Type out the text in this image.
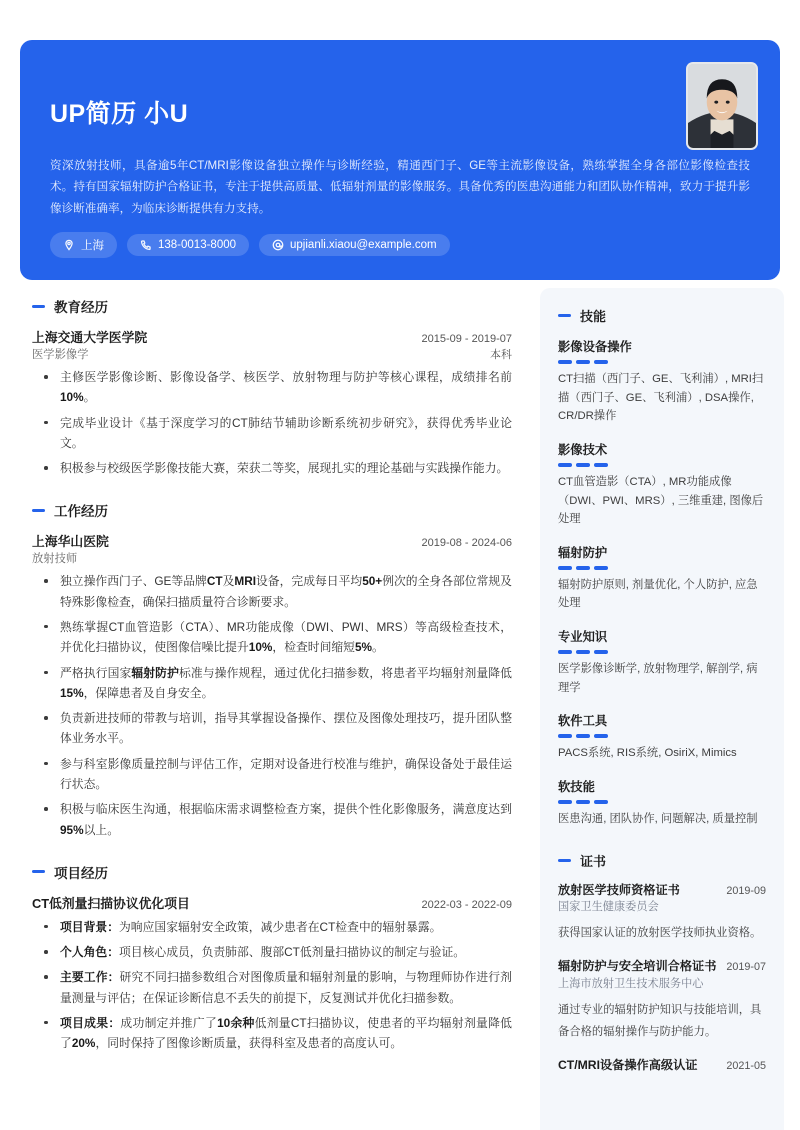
UP简历 小U
资深放射技师，具备逾5年CT/MRI影像设备独立操作与诊断经验，精通西门子、GE等主流影像设备，熟练掌握全身各部位影像检查技术。持有国家辐射防护合格证书，专注于提供高质量、低辐射剂量的影像服务。具备优秀的医患沟通能力和团队协作精神，致力于提升影像诊断准确率，为临床诊断提供有力支持。
上海	138-0013-8000	upjianli.xiaou@example.com
教育经历
上海交通大学医学院	2015-09 - 2019-07
医学影像学	本科
主修医学影像诊断、影像设备学、核医学、放射物理与防护等核心课程，成绩排名前10%。
完成毕业设计《基于深度学习的CT肺结节辅助诊断系统初步研究》，获得优秀毕业论文。
积极参与校级医学影像技能大赛，荣获二等奖，展现扎实的理论基础与实践操作能力。
工作经历
上海华山医院	2019-08 - 2024-06
放射技师
独立操作西门子、GE等品牌CT及MRI设备，完成每日平均50+例次的全身各部位常规及特殊影像检查，确保扫描质量符合诊断要求。
熟练掌握CT血管造影（CTA）、MR功能成像（DWI、PWI、MRS）等高级检查技术，并优化扫描协议，使图像信噪比提升10%，检查时间缩短5%。
严格执行国家辐射防护标准与操作规程，通过优化扫描参数，将患者平均辐射剂量降低15%，保障患者及自身安全。
负责新进技师的带教与培训，指导其掌握设备操作、摆位及图像处理技巧，提升团队整体业务水平。
参与科室影像质量控制与评估工作，定期对设备进行校准与维护，确保设备处于最佳运行状态。
积极与临床医生沟通，根据临床需求调整检查方案，提供个性化影像服务，满意度达到95%以上。
项目经历
CT低剂量扫描协议优化项目	2022-03 - 2022-09
项目背景：为响应国家辐射安全政策，减少患者在CT检查中的辐射暴露。
个人角色：项目核心成员，负责肺部、腹部CT低剂量扫描协议的制定与验证。
主要工作：研究不同扫描参数组合对图像质量和辐射剂量的影响，与物理师协作进行剂量测量与评估；在保证诊断信息不丢失的前提下，反复测试并优化扫描参数。
项目成果：成功制定并推广了10余种低剂量CT扫描协议，使患者的平均辐射剂量降低了20%，同时保持了图像诊断质量，获得科室及患者的高度认可。
技能
影像设备操作
CT扫描（西门子、GE、飞利浦）, MRI扫描（西门子、GE、飞利浦）, DSA操作, CR/DR操作
影像技术
CT血管造影（CTA）, MR功能成像（DWI、PWI、MRS）, 三维重建, 图像后处理
辐射防护
辐射防护原则, 剂量优化, 个人防护, 应急处理
专业知识
医学影像诊断学, 放射物理学, 解剖学, 病理学
软件工具
PACS系统, RIS系统, OsiriX, Mimics
软技能
医患沟通, 团队协作, 问题解决, 质量控制
证书
放射医学技师资格证书	2019-09
国家卫生健康委员会
获得国家认证的放射医学技师执业资格。
辐射防护与安全培训合格证书 2019-07
上海市放射卫生技术服务中心
通过专业的辐射防护知识与技能培训，具备合格的辐射操作与防护能力。
CT/MRI设备操作高级认证	2021-05
